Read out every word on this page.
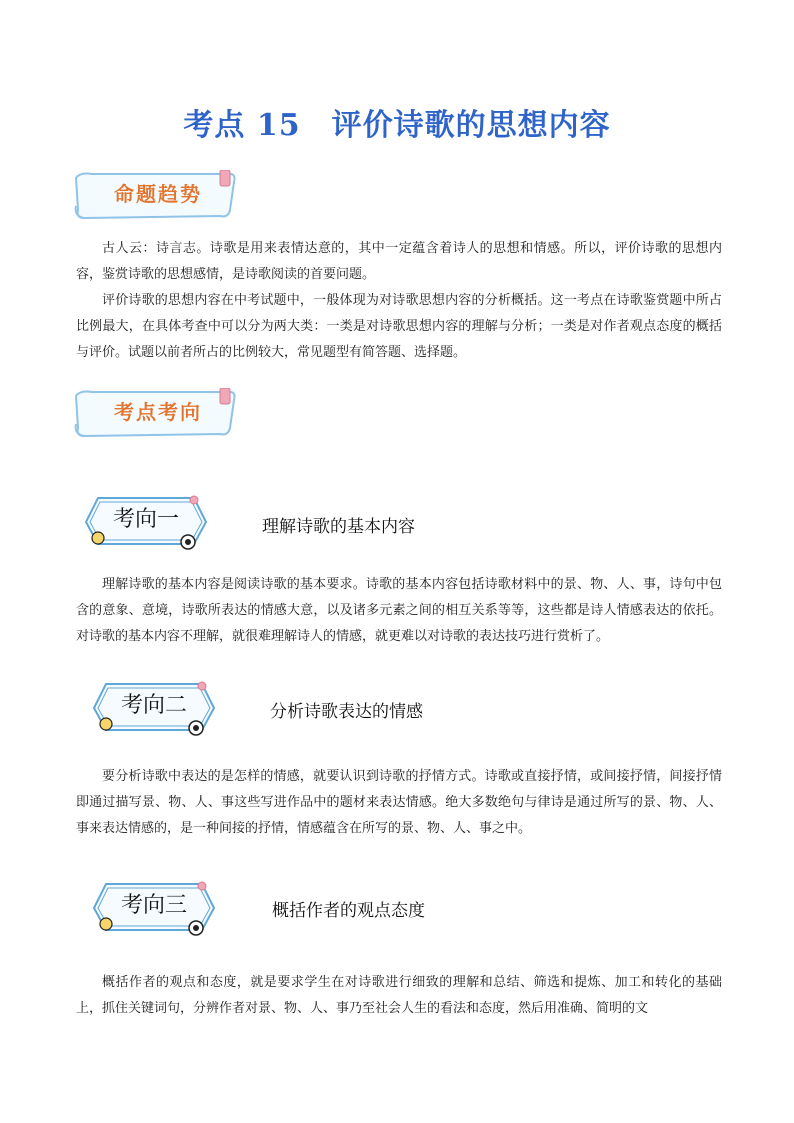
考点 15　评价诗歌的思想内容
命题趋势

古人云：诗言志。诗歌是用来表情达意的，其中一定蕴含着诗人的思想和情感。所以，评价诗歌的思想内容，鉴赏诗歌的思想感情，是诗歌阅读的首要问题。

评价诗歌的思想内容在中考试题中，一般体现为对诗歌思想内容的分析概括。这一考点在诗歌鉴赏题中所占比例最大，在具体考查中可以分为两大类：一类是对诗歌思想内容的理解与分析；一类是对作者观点态度的概括与评价。试题以前者所占的比例较大，常见题型有简答题、选择题。

考点考向
考向一	理解诗歌的基本内容

理解诗歌的基本内容是阅读诗歌的基本要求。诗歌的基本内容包括诗歌材料中的景、物、人、事，诗句中包含的意象、意境，诗歌所表达的情感大意，以及诸多元素之间的相互关系等等，这些都是诗人情感表达的依托。对诗歌的基本内容不理解，就很难理解诗人的情感，就更难以对诗歌的表达技巧进行赏析了。

考向二	分析诗歌表达的情感

要分析诗歌中表达的是怎样的情感，就要认识到诗歌的抒情方式。诗歌或直接抒情，或间接抒情，间接抒情即通过描写景、物、人、事这些写进作品中的题材来表达情感。绝大多数绝句与律诗是通过所写的景、物、人、事来表达情感的，是一种间接的抒情，情感蕴含在所写的景、物、人、事之中。

考向三	概括作者的观点态度

概括作者的观点和态度，就是要求学生在对诗歌进行细致的理解和总结、筛选和提炼、加工和转化的基础上，抓住关键词句，分辨作者对景、物、人、事乃至社会人生的看法和态度，然后用准确、简明的文
